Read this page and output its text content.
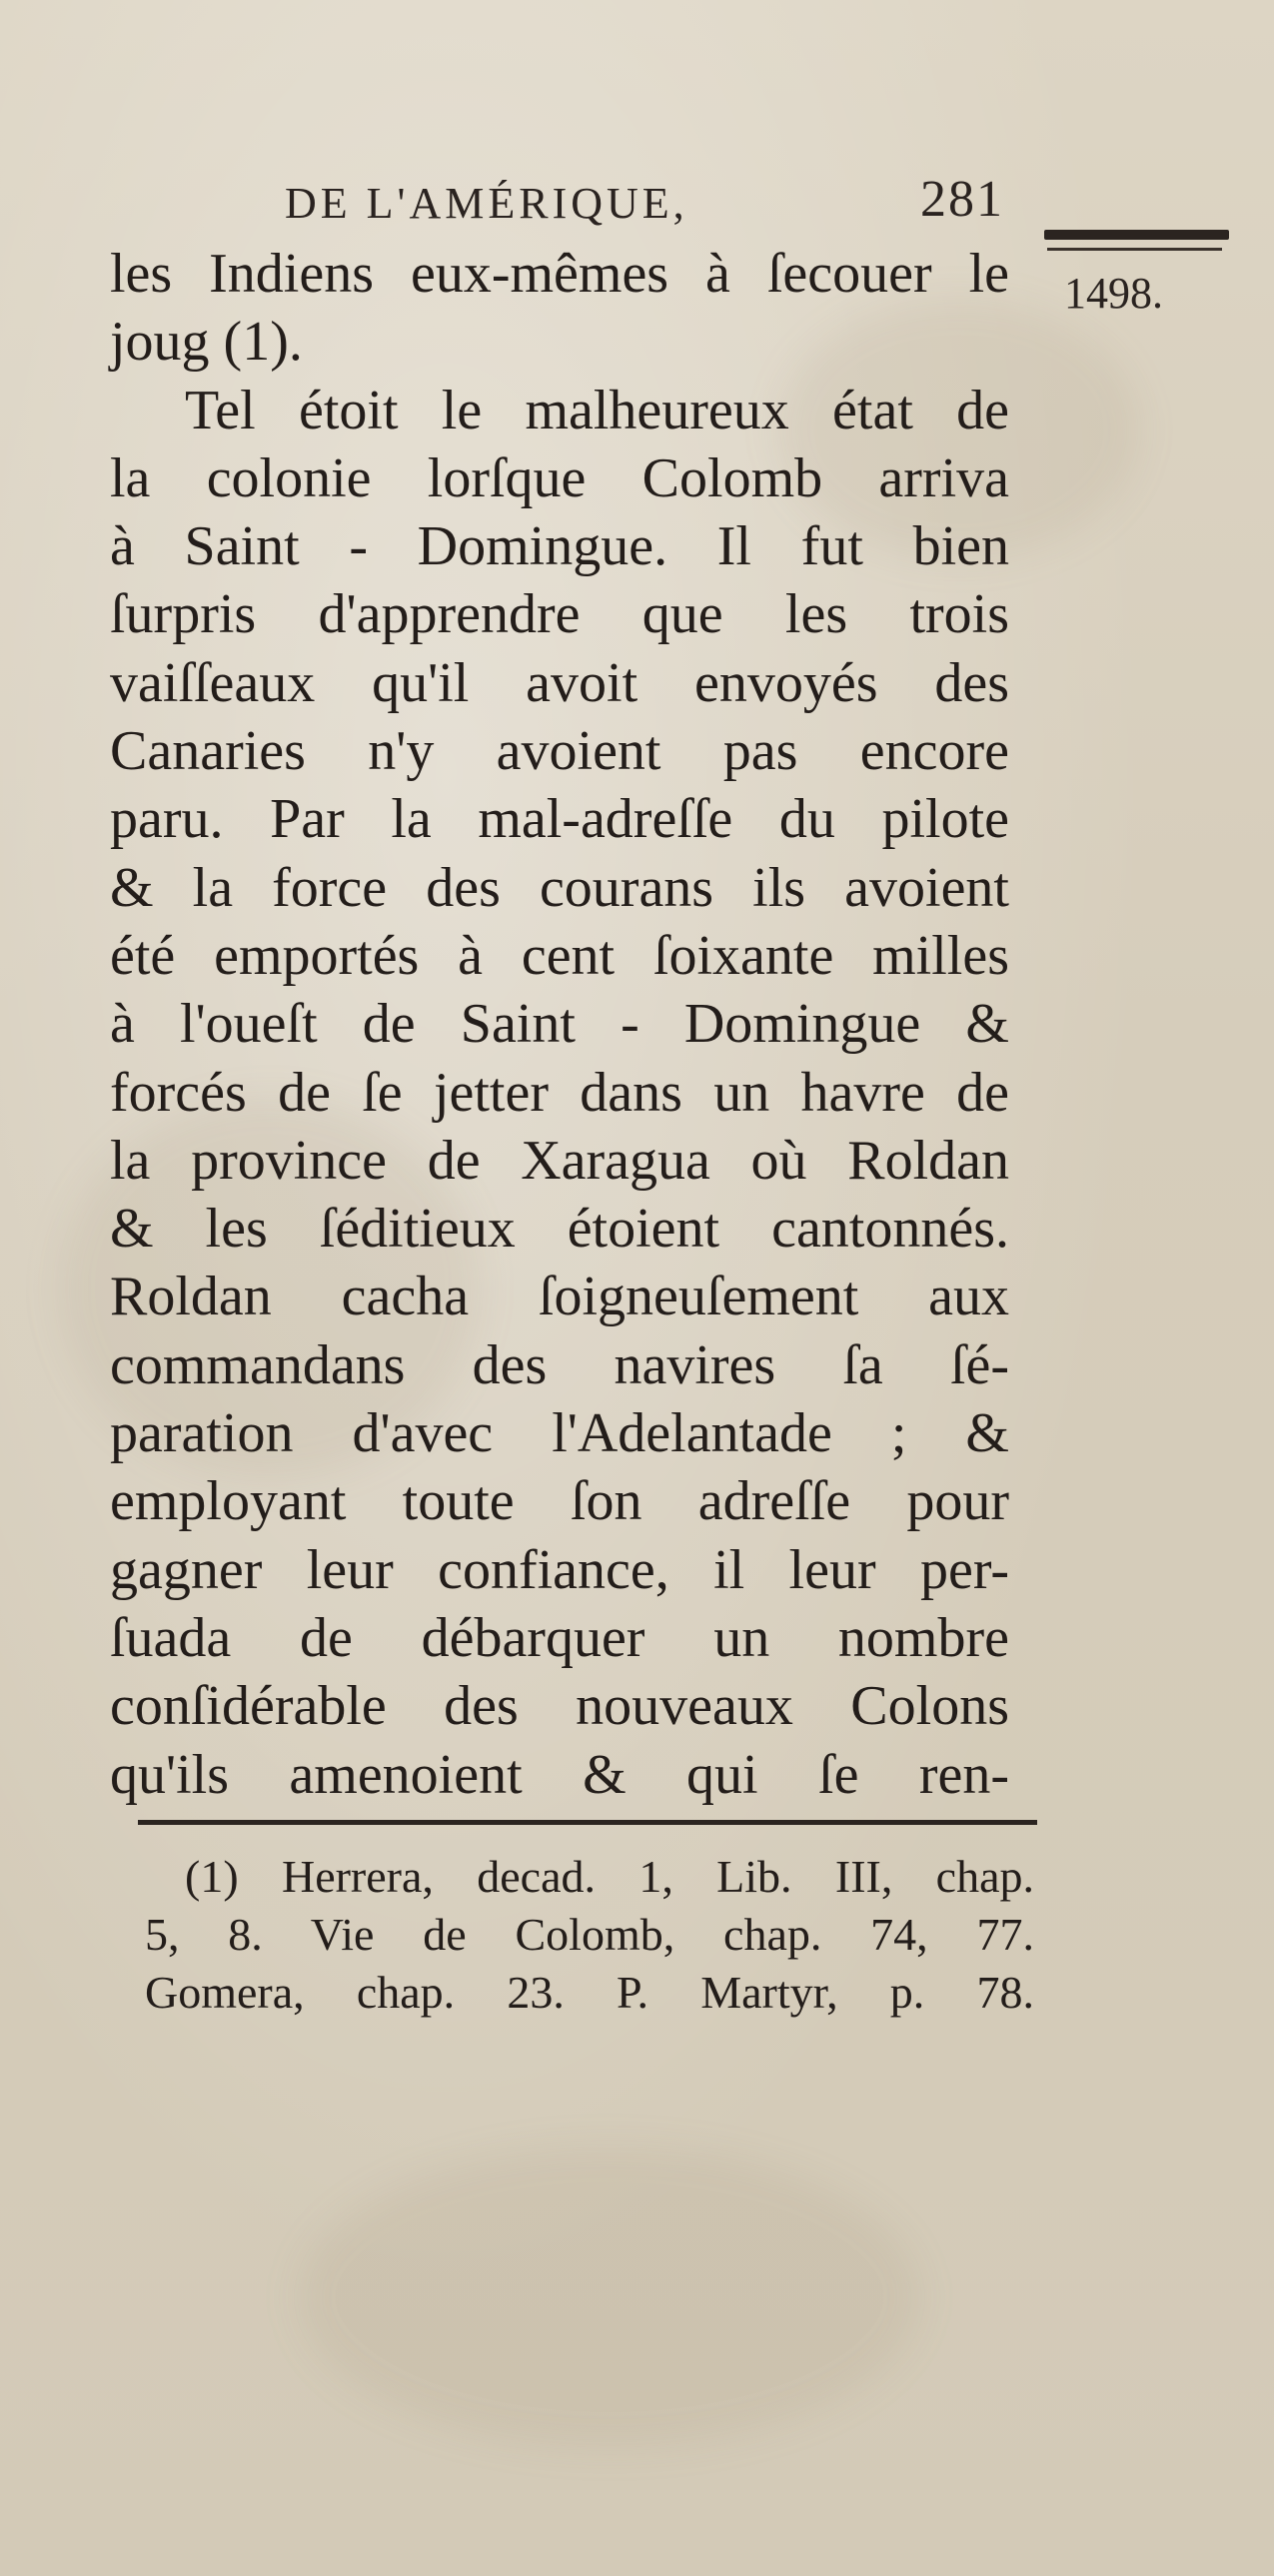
DE L'AMÉRIQUE,	281
1498.
les Indiens eux-mêmes à ſecouer le
joug (1).
Tel étoit le malheureux état de
la colonie lorſque Colomb arriva
à Saint - Domingue. Il fut bien
ſurpris d'apprendre que les trois
vaiſſeaux qu'il avoit envoyés des
Canaries n'y avoient pas encore
paru. Par la mal-adreſſe du pilote
& la force des courans ils avoient
été emportés à cent ſoixante milles
à l'oueſt de Saint - Domingue &
forcés de ſe jetter dans un havre de
la province de Xaragua où Roldan
& les ſéditieux étoient cantonnés.
Roldan cacha ſoigneuſement aux
commandans des navires ſa ſé-
paration d'avec l'Adelantade ; &
employant toute ſon adreſſe pour
gagner leur confiance, il leur per-
ſuada de débarquer un nombre
conſidérable des nouveaux Colons
qu'ils amenoient & qui ſe ren-
(1) Herrera, decad. 1, Lib. III, chap.
5, 8. Vie de Colomb, chap. 74, 77.
Gomera, chap. 23. P. Martyr, p. 78.
